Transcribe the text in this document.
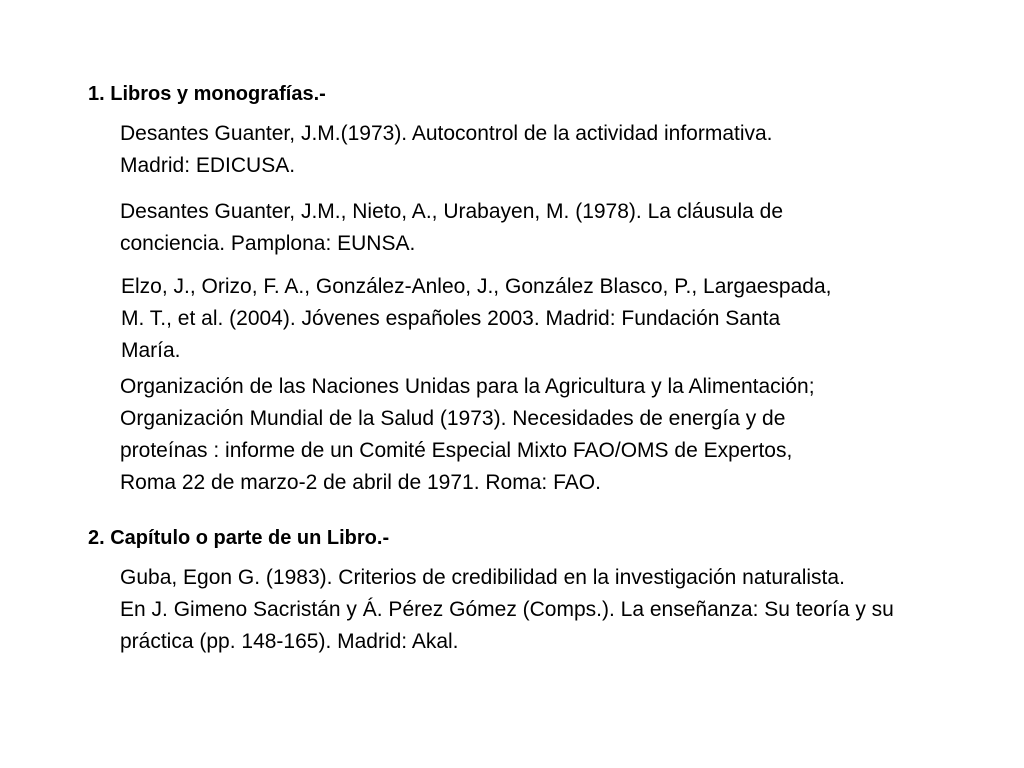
1. Libros y monografías.-
Desantes Guanter, J.M.(1973). Autocontrol de la actividad informativa.
Madrid: EDICUSA.
Desantes Guanter, J.M., Nieto, A., Urabayen, M. (1978). La cláusula de
conciencia. Pamplona: EUNSA.
Elzo, J., Orizo, F. A., González-Anleo, J., González Blasco, P., Largaespada,
M. T., et al. (2004). Jóvenes españoles 2003. Madrid: Fundación Santa
María.
Organización de las Naciones Unidas para la Agricultura y la Alimentación;
Organización Mundial de la Salud (1973). Necesidades de energía y de
proteínas : informe de un Comité Especial Mixto FAO/OMS de Expertos,
Roma 22 de marzo-2 de abril de 1971. Roma: FAO.
2. Capítulo o parte de un Libro.-
Guba, Egon G. (1983). Criterios de credibilidad en la investigación naturalista.
En J. Gimeno Sacristán y Á. Pérez Gómez (Comps.). La enseñanza: Su teoría y su
práctica (pp. 148-165). Madrid: Akal.
